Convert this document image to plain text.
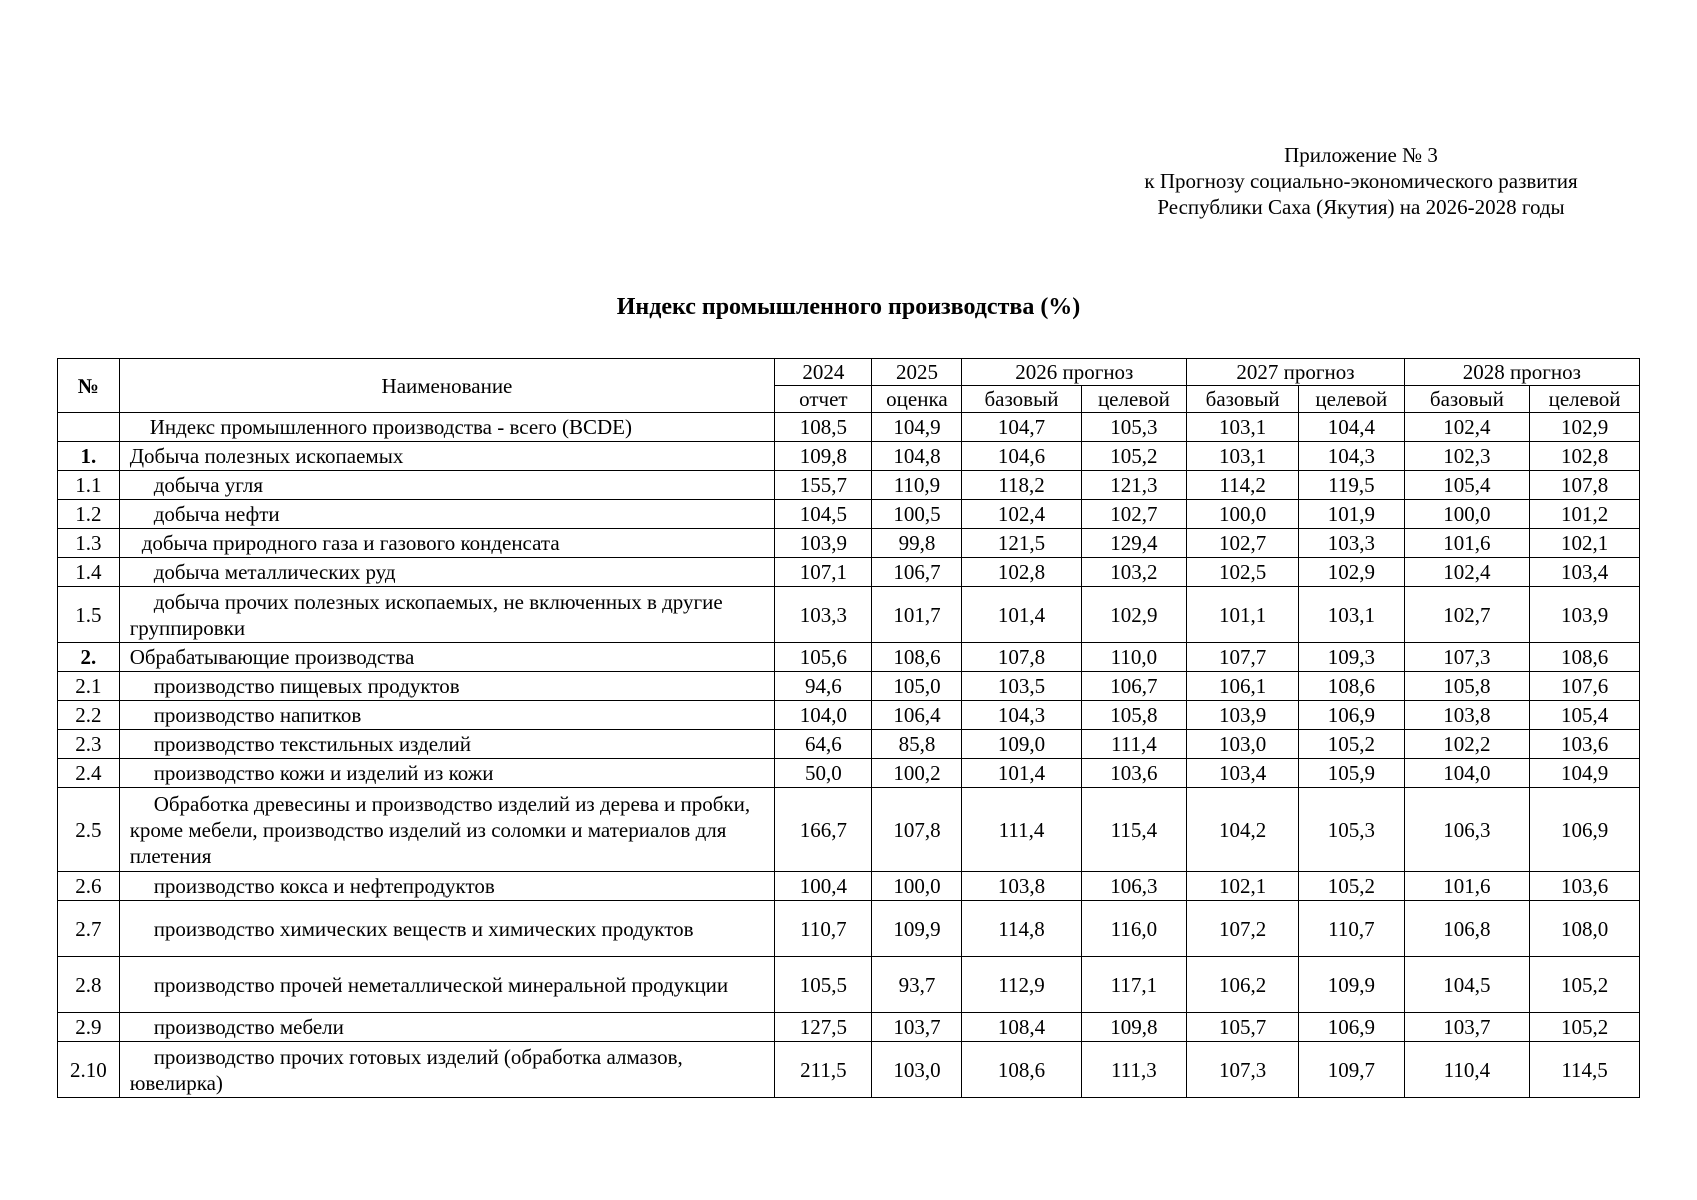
Приложение № 3
к Прогнозу социально-экономического развития
Республики Саха (Якутия) на 2026-2028 годы
Индекс промышленного производства (%)
№	Наименование	2024	2025	2026 прогноз		2027 прогноз		2028 прогноз	
		отчет	оценка	базовый	целевой	базовый	целевой	базовый	целевой
	Индекс промышленного производства - всего (BCDE)	108,5	104,9	104,7	105,3	103,1	104,4	102,4	102,9
1.	Добыча полезных ископаемых	109,8	104,8	104,6	105,2	103,1	104,3	102,3	102,8
1.1	добыча угля	155,7	110,9	118,2	121,3	114,2	119,5	105,4	107,8
1.2	добыча нефти	104,5	100,5	102,4	102,7	100,0	101,9	100,0	101,2
1.3	добыча природного газа и газового конденсата	103,9	99,8	121,5	129,4	102,7	103,3	101,6	102,1
1.4	добыча металлических руд	107,1	106,7	102,8	103,2	102,5	102,9	102,4	103,4
1.5	добыча прочих полезных ископаемых, не включенных в другие группировки	103,3	101,7	101,4	102,9	101,1	103,1	102,7	103,9
2.	Обрабатывающие производства	105,6	108,6	107,8	110,0	107,7	109,3	107,3	108,6
2.1	производство пищевых продуктов	94,6	105,0	103,5	106,7	106,1	108,6	105,8	107,6
2.2	производство напитков	104,0	106,4	104,3	105,8	103,9	106,9	103,8	105,4
2.3	производство текстильных изделий	64,6	85,8	109,0	111,4	103,0	105,2	102,2	103,6
2.4	производство кожи и изделий из кожи	50,0	100,2	101,4	103,6	103,4	105,9	104,0	104,9
2.5	Обработка древесины и производство изделий из дерева и пробки, кроме мебели, производство изделий из соломки и материалов для плетения	166,7	107,8	111,4	115,4	104,2	105,3	106,3	106,9
2.6	производство кокса и нефтепродуктов	100,4	100,0	103,8	106,3	102,1	105,2	101,6	103,6
2.7	производство химических веществ и химических продуктов	110,7	109,9	114,8	116,0	107,2	110,7	106,8	108,0
2.8	производство прочей неметаллической минеральной продукции	105,5	93,7	112,9	117,1	106,2	109,9	104,5	105,2
2.9	производство мебели	127,5	103,7	108,4	109,8	105,7	106,9	103,7	105,2
2.10	производство прочих готовых изделий (обработка алмазов, ювелирка)	211,5	103,0	108,6	111,3	107,3	109,7	110,4	114,5
